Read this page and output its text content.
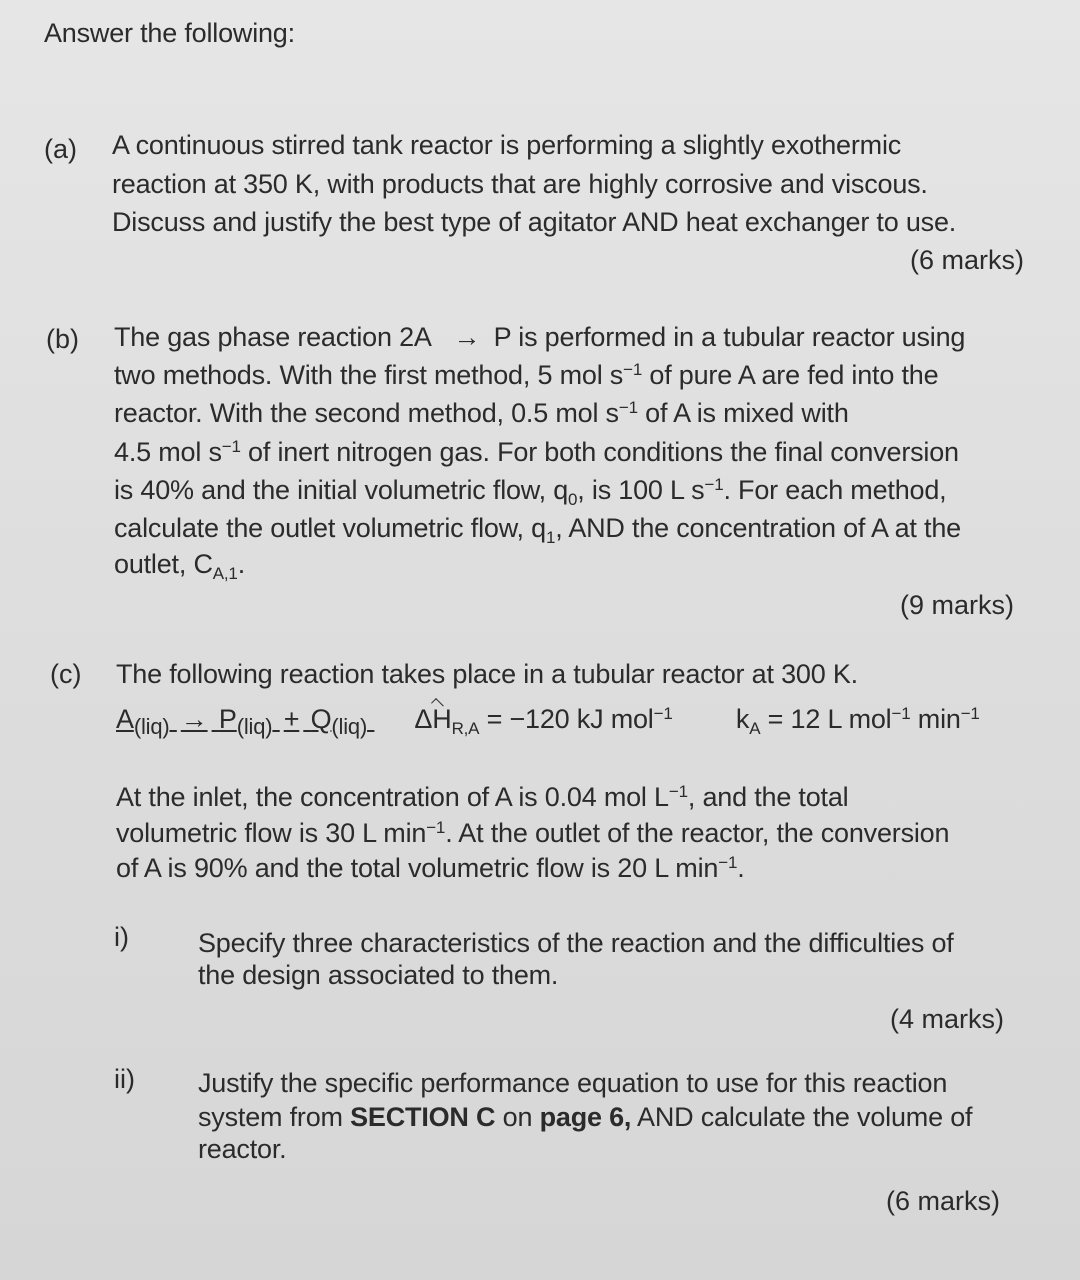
Answer the following:
(a) A continuous stirred tank reactor is performing a slightly exothermic
reaction at 350 K, with products that are highly corrosive and viscous.
Discuss and justify the best type of agitator AND heat exchanger to use.
(6 marks)
(b) The gas phase reaction 2A → P is performed in a tubular reactor using
two methods. With the first method, 5 mol $s^{-1}$ of pure A are fed into the
reactor. With the second method, 0.5 mol $s^{-1}$ of A is mixed with
4.5 mol $s^{-1}$ of inert nitrogen gas. For both conditions the final conversion
is 40% and the initial volumetric flow, $q_0$, is 100 L $s^{-1}$. For each method,
calculate the outlet volumetric flow, $q_1$, AND the concentration of A at the
outlet, $C_{A,1}$.
(9 marks)
(c) The following reaction takes place in a tubular reactor at 300 K.
$A_{(liq)} \to P_{(liq)} + Q_{(liq)}$ $\Delta H_{R,A} = -120$ kJ mol$^{-1}$ $k_A = 12$ L mol$^{-1}$ $\min^{-1}$
At the inlet, the concentration of A is 0.04 mol $L^{-1}$, and the total
volumetric flow is 30 L $\min^{-1}$. At the outlet of the reactor, the conversion
of A is 90% and the total volumetric flow is 20 L $\min^{-1}$.
i)	Specify three characteristics of the reaction and the difficulties of
the design associated to them.
(4 marks)
ii) Justify the specific performance equation to use for this reaction
system from SECTION C on page 6, AND calculate the volume of
reactor.
(6 marks)
